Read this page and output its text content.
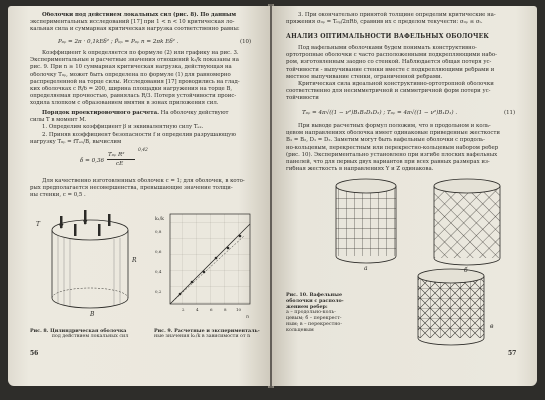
Оболочки под действием локальных сил (рис. 8). По данным
экспериментальных исследований [17] при 1 < n < 10 критическая ло-
кальная сила и суммарная критическая нагрузка соответственно равны:
P₀ₚ = 2π · 0,1kEδ² ; P̂₀ₚ = P₀ₚ n = 2πk Eδ² .	(10)
Коэффициент k определяется по формуле (2) или графику на рис. 3.
Экспериментальные и расчетные значения отношений k₁/k показаны на
рис. 9. При n ≥ 10 суммарная критическая нагрузка, действующая на
оболочку T₀ₚ, может быть определена по формуле (1) для равномерно
распределенной на торце силы. Исследования [17] проводились на глад-
ких оболочках с R/δ = 200, ширина площадки нагружения на торце B,
определяемая прочностью, равнялась R/3. Потеря устойчивости проис-
ходила хлопком с образованием вмятин в зонах приложения сил.
Порядок проектировочного расчета. На оболочку действуют
силы T в момент M.
1. Определим коэффициент β и эквивалентную силу Tₑₓ.
2. Приняв коэффициент безопасности f и определив разрушающую
нагрузку T₀ₚ = fTₑₓ/B, вычислим
δ = 0,36
T₀ₚ R²
cE
0,42
Для качественно изготовленных оболочек c = 1; для оболочек, в кото-
рых предполагается несовершенства, превышающие значение толщи-
ны стенки, c = 0,5 .
T
R
B
k₁/k
0,8
0,6
0,4
0,2
2	4	6	8 10
n
Рис. 8. Цилиндрическая оболочка
под действием локальных сил
Рис. 9. Расчетные и эксперименталь-
ные значения k₁/k в зависимости от n
56
3. При окончательно принятой толщине определим критические на-
пряжения σ₀ₚ = T₀ₚ/2πRδ, сравнив их с пределом текучести: σ₀ₚ ≤ σₜ.
АНАЛИЗ ОПТИМАЛЬНОСТИ ВАФЕЛЬНЫХ ОБОЛОЧЕК
Под вафельными оболочками будем понимать конструктивно-
ортотропные оболочки с часто расположенными подкрепляющими набо-
ром, изготовленным заодно со стенкой. Наблюдается общая потеря ус-
тойчивости - выпучивание стенки вместе с подкрепляющими ребрами и
местное выпучивание стенки, ограниченной ребрами.
Критическая сила идеальной конструктивно-ортотропной оболочки
соответственно для несимметричной и симметричной форм потери ус-
тойчивости
T₀ₚ = 4π√((1 − ν²)B₁B₂D₁D₂) ; T₀ₚ = 4π√((1 − ν²)B₁D₁) .	(11)
При выводе расчетных формул положим, что в продольном и коль-
цевом направлениях оболочка имеет одинаковые приведенные жесткости
B₁ = B₂, D₁ = D₂. Заметим могут быть вафельные оболочки с продоль-
но-кольцевым, перекрестным или перекрестно-кольцевым набором ребер
(рис. 10). Экспериментально установлено при изгибе плоских вафельных
панелей, что для первых двух вариантов при всех равных размерах из-
гибная жесткость в направлениях Y и Z одинакова.
а	б
в
Рис. 10. Вафельные оболочки с располо-
жением ребер:
а – продольно-коль-
цевым; б – перекрест-
ным; в – перекрестно-
кольцевым
57
